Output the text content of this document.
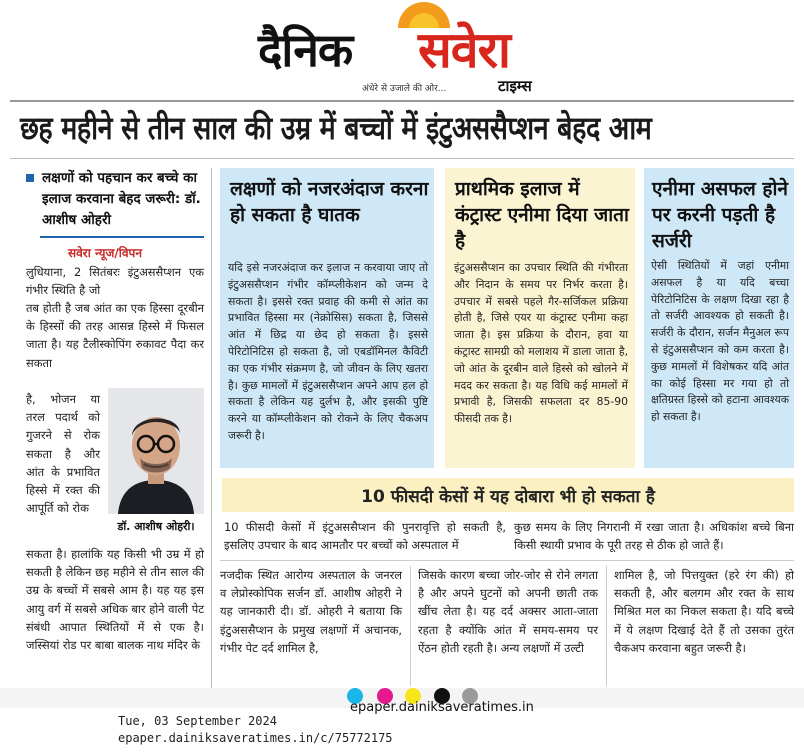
दैनिक सवेरा
अंधेरे से उजाले की ओर...	टाइम्स
छह महीने से तीन साल की उम्र में बच्चों में इंटुअससैप्शन बेहद आम
लक्षणों को पहचान कर बच्चे का इलाज करवाना बेहद जरूरी: डॉ. आशीष ओहरी
सवेरा न्यूज/विपन
लुधियाना, 2 सितंबरः इंटुअससैप्शन एक गंभीर स्थिति है जो
तब होती है जब आंत का एक हिस्सा दूरबीन के हिस्सों की तरह आसन्न हिस्से में फिसल जाता है। यह टैलीस्कोपिंग रुकावट पैदा कर सकता
है, भोजन या तरल पदार्थ को गुजरने से रोक सकता है और आंत के प्रभावित हिस्से में रक्त की आपूर्ति को रोक
डॉ. आशीष ओहरी।
सकता है। हालांकि यह किसी भी उम्र में हो सकती है लेकिन छह महीने से तीन साल की उम्र के बच्चों में सबसे आम है। यह यह इस आयु वर्ग में सबसे अधिक बार होने वाली पेट संबंधी आपात स्थितियों में से एक है। जस्सियां रोड पर बाबा बालक नाथ मंदिर के
लक्षणों को नजरअंदाज करना हो सकता है घातक
यदि इसे नजरअंदाज कर इलाज न करवाया जाए तो इंटुअससैप्शन गंभीर कॉम्प्लीकेशन को जन्म दे सकता है। इससे रक्त प्रवाह की कमी से आंत का प्रभावित हिस्सा मर (नेक्रोसिस) सकता है, जिससे आंत में छिद्र या छेद हो सकता है। इससे पेरिटोनिटिस हो सकता है, जो एबडॉमिनल कैविटी का एक गंभीर संक्रमण है, जो जीवन के लिए खतरा है। कुछ मामलों में इंटुअससैप्शन अपने आप हल हो सकता है लेकिन यह दुर्लभ है, और इसकी पुष्टि करने या कॉम्प्लीकेशन को रोकने के लिए चैकअप जरूरी है।
प्राथमिक इलाज में कंट्रास्ट एनीमा दिया जाता है
इंटुअससैप्शन का उपचार स्थिति की गंभीरता और निदान के समय पर निर्भर करता है। उपचार में सबसे पहले गैर-सर्जिकल प्रक्रिया होती है, जिसे एयर या कंट्रास्ट एनीमा कहा जाता है। इस प्रक्रिया के दौरान, हवा या कंट्रास्ट सामग्री को मलाशय में डाला जाता है, जो आंत के दूरबीन वाले हिस्से को खोलने में मदद कर सकता है। यह विधि कई मामलों में प्रभावी है, जिसकी सफलता दर 85-90 फीसदी तक है।
एनीमा असफल होने पर करनी पड़ती है सर्जरी
ऐसी स्थितियों में जहां एनीमा असफल है या यदि बच्चा पेरिटोनिटिस के लक्षण दिखा रहा है तो सर्जरी आवश्यक हो सकती है। सर्जरी के दौरान, सर्जन मैनुअल रूप से इंटुअससैप्शन को कम करता है। कुछ मामलों में विशेषकर यदि आंत का कोई हिस्सा मर गया हो तो क्षतिग्रस्त हिस्से को हटाना आवश्यक हो सकता है।
10 फीसदी केसों में यह दोबारा भी हो सकता है
10 फीसदी केसों में इंटुअससैप्शन की पुनरावृत्ति हो सकती है, इसलिए उपचार के बाद आमतौर पर बच्चों को अस्पताल में
कुछ समय के लिए निगरानी में रखा जाता है। अधिकांश बच्चे बिना किसी स्थायी प्रभाव के पूरी तरह से ठीक हो जाते हैं।
नजदीक स्थित आरोग्य अस्पताल के जनरल व लेप्रोस्कोपिक सर्जन डॉ. आशीष ओहरी ने यह जानकारी दी। डॉ. ओहरी ने बताया कि इंटुअससैप्शन के प्रमुख लक्षणों में अचानक, गंभीर पेट दर्द शामिल है,
जिसके कारण बच्चा जोर-जोर से रोने लगता है और अपने घुटनों को अपनी छाती तक खींच लेता है। यह दर्द अक्सर आता-जाता रहता है क्योंकि आंत में समय-समय पर ऐंठन होती रहती है। अन्य लक्षणों में उल्टी
शामिल है, जो पित्तयुक्त (हरे रंग की) हो सकती है, और बलगम और रक्त के साथ मिश्रित मल का निकल सकता है। यदि बच्चे में ये लक्षण दिखाई देते हैं तो उसका तुरंत चैकअप करवाना बहुत जरूरी है।
epaper.dainiksaveratimes.in
Tue, 03 September 2024
epaper.dainiksaveratimes.in/c/75772175
